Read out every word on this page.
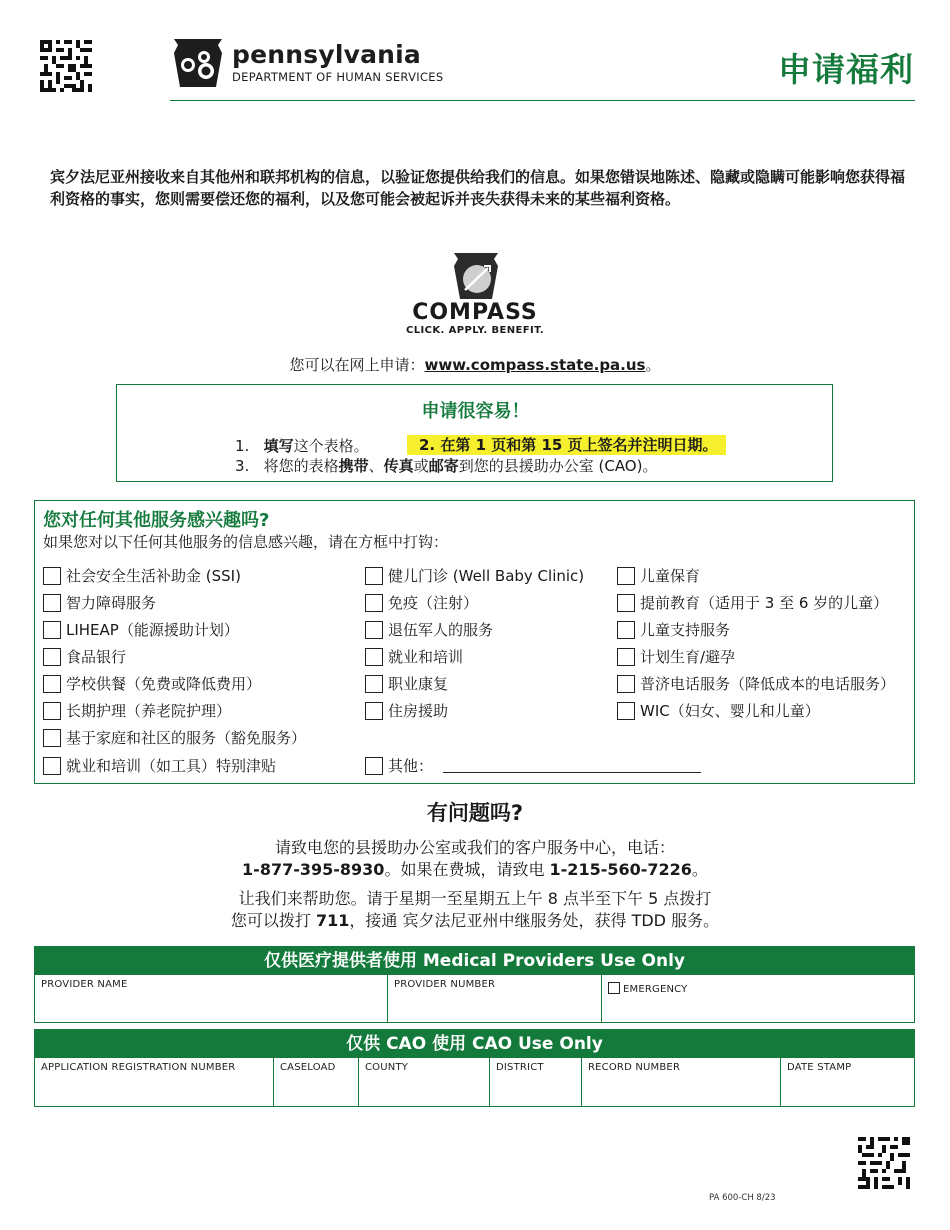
pennsylvania
DEPARTMENT OF HUMAN SERVICES	申请福利
宾夕法尼亚州接收来自其他州和联邦机构的信息，以验证您提供给我们的信息。如果您错误地陈述、隐藏或隐瞒可能影响您获得福利资格的事实，您则需要偿还您的福利，以及您可能会被起诉并丧失获得未来的某些福利资格。
COMPASS
CLICK. APPLY. BENEFIT.
您可以在网上申请：www.compass.state.pa.us。
申请很容易！
1. 填写这个表格。	2. 在第 1 页和第 15 页上签名并注明日期。
3. 将您的表格携带、传真或邮寄到您的县援助办公室 (CAO)。
您对任何其他服务感兴趣吗?
如果您对以下任何其他服务的信息感兴趣，请在方框中打钩：
社会安全生活补助金 (SSI)
智力障碍服务
LIHEAP（能源援助计划）
食品银行
学校供餐（免费或降低费用）
长期护理（养老院护理）
基于家庭和社区的服务（豁免服务）
就业和培训（如工具）特别津贴
健儿门诊 (Well Baby Clinic)
免疫（注射）
退伍军人的服务
就业和培训
职业康复
住房援助
其他：
儿童保育
提前教育（适用于 3 至 6 岁的儿童）
儿童支持服务
计划生育/避孕
普济电话服务（降低成本的电话服务）
WIC（妇女、婴儿和儿童）
有问题吗?
请致电您的县援助办公室或我们的客户服务中心，电话：
1-877-395-8930。如果在费城，请致电 1-215-560-7226。
让我们来帮助您。请于星期一至星期五上午 8 点半至下午 5 点拨打
您可以拨打 711，接通 宾夕法尼亚州中继服务处，获得 TDD 服务。
仅供医疗提供者使用 Medical Providers Use Only
PROVIDER NAME	PROVIDER NUMBER	EMERGENCY
仅供 CAO 使用 CAO Use Only
APPLICATION REGISTRATION NUMBER	CASELOAD	COUNTY	DISTRICT	RECORD NUMBER	DATE STAMP
PA 600-CH 8/23
